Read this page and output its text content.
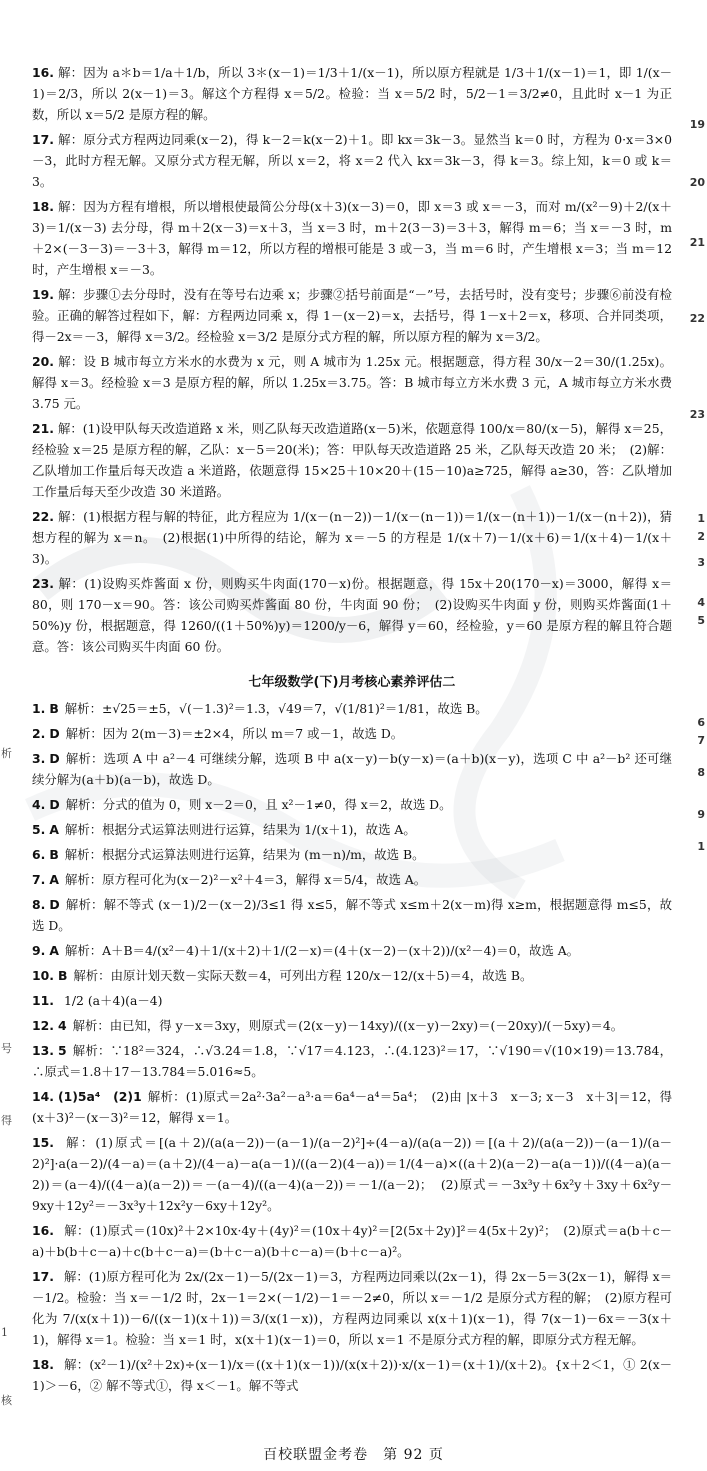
号
析
得
1
核
19
20
21
22
23
1
2
3
4
5
6
7
8
9
1

16. 解：因为 a＊b＝1/a＋1/b，所以 3＊(x－1)＝1/3＋1/(x－1)，所以原方程就是 1/3＋1/(x－1)＝1，即 1/(x－1)＝2/3，所以 2(x－1)＝3。解这个方程得 x＝5/2。检验：当 x＝5/2 时，5/2－1＝3/2≠0，且此时 x－1 为正数，所以 x＝5/2 是原方程的解。

17. 解：原分式方程两边同乘(x－2)，得 k－2＝k(x－2)＋1。即 kx＝3k－3。显然当 k＝0 时，方程为 0·x＝3×0－3，此时方程无解。又原分式方程无解，所以 x＝2，将 x＝2 代入 kx＝3k－3，得 k＝3。综上知，k＝0 或 k＝3。

18. 解：因为方程有增根，所以增根使最简公分母(x＋3)(x－3)＝0，即 x＝3 或 x＝－3，而对 m/(x²－9)＋2/(x＋3)＝1/(x－3) 去分母，得 m＋2(x－3)＝x＋3，当 x＝3 时，m＋2(3－3)＝3＋3，解得 m＝6；当 x＝－3 时，m＋2×(－3－3)＝－3＋3，解得 m＝12，所以方程的增根可能是 3 或－3，当 m＝6 时，产生增根 x＝3；当 m＝12 时，产生增根 x＝－3。

19. 解：步骤①去分母时，没有在等号右边乘 x；步骤②括号前面是“－”号，去括号时，没有变号；步骤⑥前没有检验。正确的解答过程如下，解：方程两边同乘 x，得 1－(x－2)＝x，去括号，得 1－x＋2＝x，移项、合并同类项，得－2x＝－3，解得 x＝3/2。经检验 x＝3/2 是原分式方程的解，所以原方程的解为 x＝3/2。

20. 解：设 B 城市每立方米水的水费为 x 元，则 A 城市为 1.25x 元。根据题意，得方程 30/x－2＝30/(1.25x)。解得 x＝3。经检验 x＝3 是原方程的解，所以 1.25x＝3.75。答：B 城市每立方米水费 3 元，A 城市每立方米水费 3.75 元。

21. 解：(1)设甲队每天改造道路 x 米，则乙队每天改造道路(x－5)米，依题意得 100/x＝80/(x－5)，解得 x＝25，经检验 x＝25 是原方程的解，乙队：x－5＝20(米)；答：甲队每天改造道路 25 米，乙队每天改造 20 米；　(2)解：乙队增加工作量后每天改造 a 米道路，依题意得 15×25＋10×20＋(15－10)a≥725，解得 a≥30，答：乙队增加工作量后每天至少改造 30 米道路。

22. 解：(1)根据方程与解的特征，此方程应为 1/(x－(n－2))－1/(x－(n－1))＝1/(x－(n＋1))－1/(x－(n＋2))，猜想方程的解为 x＝n。　(2)根据(1)中所得的结论，解为 x＝－5 的方程是 1/(x＋7)－1/(x＋6)＝1/(x＋4)－1/(x＋3)。

23. 解：(1)设购买炸酱面 x 份，则购买牛肉面(170－x)份。根据题意，得 15x＋20(170－x)＝3000，解得 x＝80，则 170－x＝90。答：该公司购买炸酱面 80 份，牛肉面 90 份；　(2)设购买牛肉面 y 份，则购买炸酱面(1＋50%)y 份，根据题意，得 1260/((1＋50%)y)＝1200/y－6，解得 y＝60，经检验，y＝60 是原方程的解且符合题意。答：该公司购买牛肉面 60 份。

七年级数学(下)月考核心素养评估二

1. B 解析：±√25＝±5，√(－1.3)²＝1.3，√49＝7，√(1/81)²＝1/81，故选 B。

2. D 解析：因为 2(m－3)＝±2×4，所以 m＝7 或－1，故选 D。

3. D 解析：选项 A 中 a²－4 可继续分解，选项 B 中 a(x－y)－b(y－x)＝(a＋b)(x－y)，选项 C 中 a²－b² 还可继续分解为(a＋b)(a－b)，故选 D。

4. D 解析：分式的值为 0，则 x－2＝0，且 x²－1≠0，得 x＝2，故选 D。

5. A 解析：根据分式运算法则进行运算，结果为 1/(x＋1)，故选 A。

6. B 解析：根据分式运算法则进行运算，结果为 (m－n)/m，故选 B。

7. A 解析：原方程可化为(x－2)²－x²＋4＝3，解得 x＝5/4，故选 A。

8. D 解析：解不等式 (x－1)/2－(x－2)/3≤1 得 x≤5，解不等式 x≤m＋2(x－m)得 x≥m，根据题意得 m≤5，故选 D。

9. A 解析：A＋B＝4/(x²－4)＋1/(x＋2)＋1/(2－x)＝(4＋(x－2)－(x＋2))/(x²－4)＝0，故选 A。

10. B 解析：由原计划天数－实际天数＝4，可列出方程 120/x－12/(x＋5)＝4，故选 B。

11. 1/2 (a＋4)(a－4)

12. 4 解析：由已知，得 y－x＝3xy，则原式＝(2(x－y)－14xy)/((x－y)－2xy)＝(－20xy)/(－5xy)＝4。

13. 5 解析：∵18²＝324，∴√3.24＝1.8，∵√17＝4.123，∴(4.123)²＝17，∵√190＝√(10×19)＝13.784，∴原式＝1.8＋17－13.784＝5.016≈5。

14. (1)5a⁴　(2)1 解析：(1)原式＝2a²·3a²－a³·a＝6a⁴－a⁴＝5a⁴；　(2)由 |x＋3　x－3; x－3　x＋3|＝12，得(x＋3)²－(x－3)²＝12，解得 x＝1。

15. 解：(1)原式＝[(a＋2)/(a(a－2))－(a－1)/(a－2)²]÷(4－a)/(a(a－2))＝[(a＋2)/(a(a－2))－(a－1)/(a－2)²]·a(a－2)/(4－a)＝(a＋2)/(4－a)－a(a－1)/((a－2)(4－a))＝1/(4－a)×((a＋2)(a－2)－a(a－1))/((4－a)(a－2))＝(a－4)/((4－a)(a－2))＝－(a－4)/((a－4)(a－2))＝－1/(a－2)；　(2)原式＝－3x³y＋6x²y＋3xy＋6x²y－9xy＋12y²＝－3x³y＋12x²y－6xy＋12y²。

16. 解：(1)原式＝(10x)²＋2×10x·4y＋(4y)²＝(10x＋4y)²＝[2(5x＋2y)]²＝4(5x＋2y)²；　(2)原式＝a(b＋c－a)＋b(b＋c－a)＋c(b＋c－a)＝(b＋c－a)(b＋c－a)＝(b＋c－a)²。

17. 解：(1)原方程可化为 2x/(2x－1)－5/(2x－1)＝3，方程两边同乘以(2x－1)，得 2x－5＝3(2x－1)，解得 x＝－1/2。检验：当 x＝－1/2 时，2x－1＝2×(－1/2)－1＝－2≠0，所以 x＝－1/2 是原分式方程的解；　(2)原方程可化为 7/(x(x＋1))－6/((x－1)(x＋1))＝3/(x(1－x))，方程两边同乘以 x(x＋1)(x－1)，得 7(x－1)－6x＝－3(x＋1)，解得 x＝1。检验：当 x＝1 时，x(x＋1)(x－1)＝0，所以 x＝1 不是原分式方程的解，即原分式方程无解。

18. 解：(x²－1)/(x²＋2x)÷(x－1)/x＝((x＋1)(x－1))/(x(x＋2))·x/(x－1)＝(x＋1)/(x＋2)。{x＋2＜1，① 2(x－1)＞－6，② 解不等式①，得 x＜－1。解不等式

百校联盟金考卷　第 92 页
